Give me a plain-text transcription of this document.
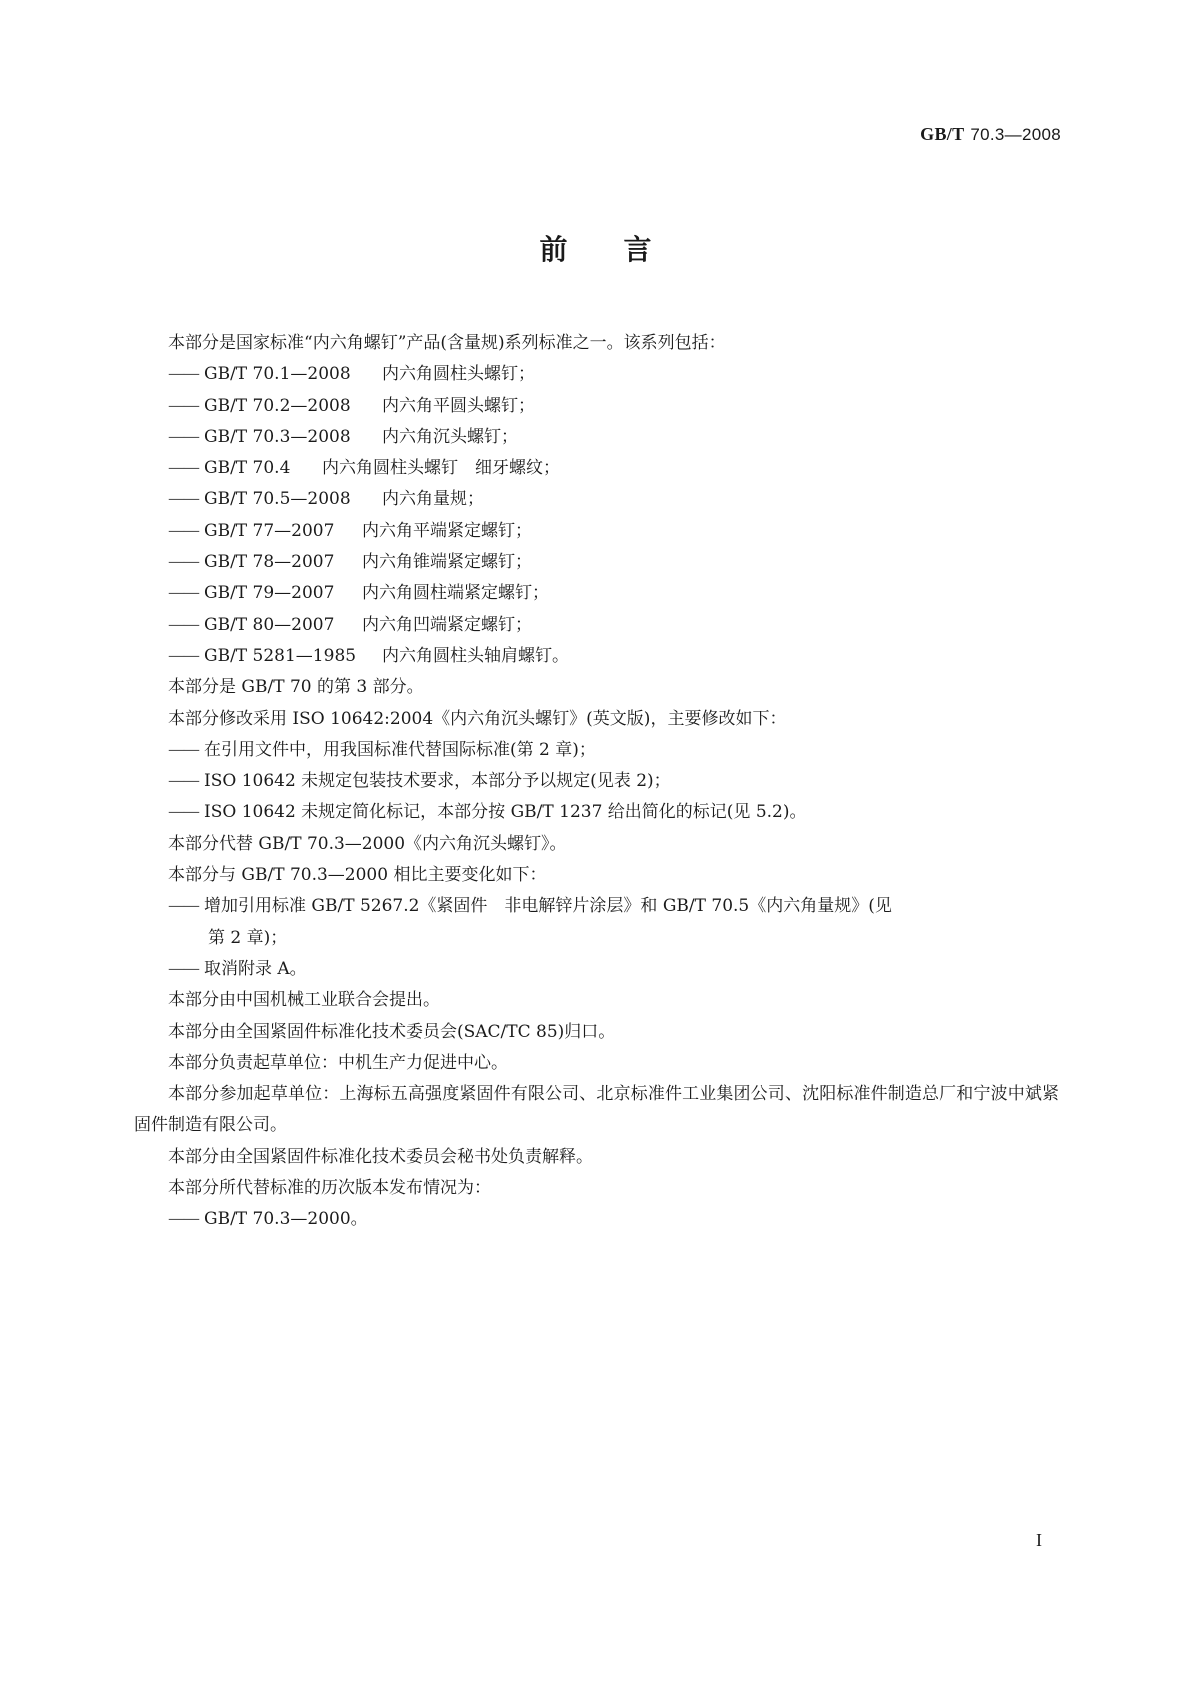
GB/T 70.3—2008
前言

本部分是国家标准“内六角螺钉”产品(含量规)系列标准之一。该系列包括：

—— GB/T 70.1—2008 内六角圆柱头螺钉；

—— GB/T 70.2—2008 内六角平圆头螺钉；

—— GB/T 70.3—2008 内六角沉头螺钉；

—— GB/T 70.4 内六角圆柱头螺钉　细牙螺纹；

—— GB/T 70.5—2008 内六角量规；

—— GB/T 77—2007 内六角平端紧定螺钉；

—— GB/T 78—2007 内六角锥端紧定螺钉；

—— GB/T 79—2007 内六角圆柱端紧定螺钉；

—— GB/T 80—2007 内六角凹端紧定螺钉；

—— GB/T 5281—1985 内六角圆柱头轴肩螺钉。

本部分是 GB/T 70 的第 3 部分。

本部分修改采用 ISO 10642:2004《内六角沉头螺钉》(英文版)，主要修改如下：

—— 在引用文件中，用我国标准代替国际标准(第 2 章)；

—— ISO 10642 未规定包装技术要求，本部分予以规定(见表 2)；

—— ISO 10642 未规定简化标记，本部分按 GB/T 1237 给出简化的标记(见 5.2)。

本部分代替 GB/T 70.3—2000《内六角沉头螺钉》。

本部分与 GB/T 70.3—2000 相比主要变化如下：

—— 增加引用标准 GB/T 5267.2《紧固件　非电解锌片涂层》和 GB/T 70.5《内六角量规》(见
第 2 章)；

—— 取消附录 A。

本部分由中国机械工业联合会提出。

本部分由全国紧固件标准化技术委员会(SAC/TC 85)归口。

本部分负责起草单位：中机生产力促进中心。

本部分参加起草单位：上海标五高强度紧固件有限公司、北京标准件工业集团公司、沈阳标准件制造总厂和宁波中斌紧固件制造有限公司。

本部分由全国紧固件标准化技术委员会秘书处负责解释。

本部分所代替标准的历次版本发布情况为：

—— GB/T 70.3—2000。

I
